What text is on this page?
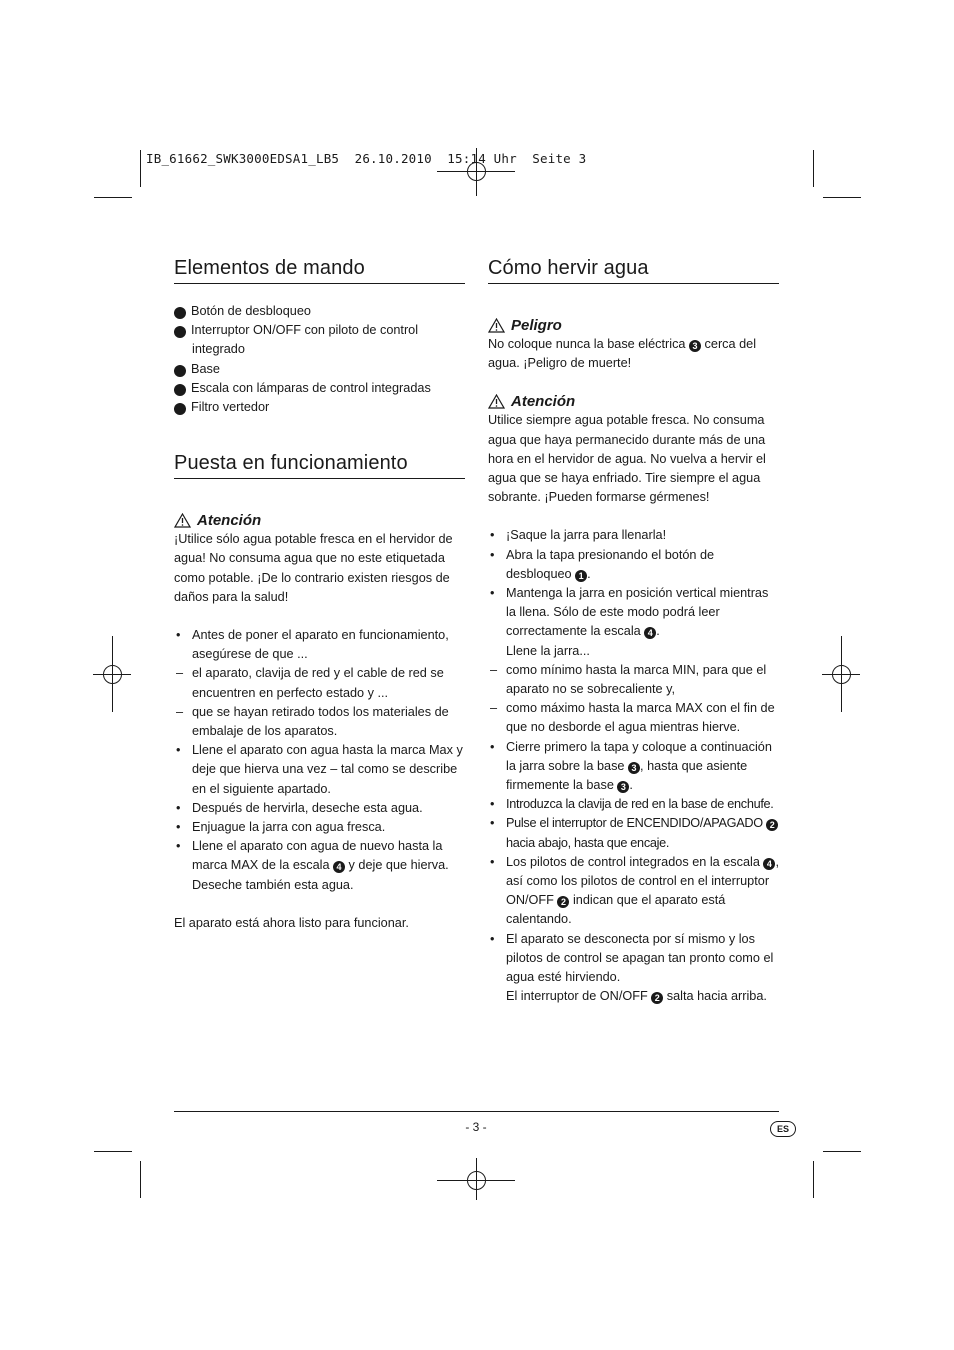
IB_61662_SWK3000EDSA1_LB5  26.10.2010  15:14 Uhr  Seite 3
Elementos de mando
1 Botón de desbloqueo
2 Interruptor ON/OFF con piloto de control integrado
3 Base
4 Escala con lámparas de control integradas
5 Filtro vertedor
Puesta en funcionamiento
Atención

¡Utilice sólo agua potable fresca en el hervidor de agua! No consuma agua que no este etiquetada como potable. ¡De lo contrario existen riesgos de daños para la salud!

• Antes de poner el aparato en funcionamiento, asegúrese de que ...
– el aparato, clavija de red y el cable de red se encuentren en perfecto estado y ...
– que se hayan retirado todos los materiales de embalaje de los aparatos.
• Llene el aparato con agua hasta la marca Max y deje que hierva una vez – tal como se describe en el siguiente apartado.
• Después de hervirla, deseche esta agua.
• Enjuague la jarra con agua fresca.
• Llene el aparato con agua de nuevo hasta la marca MAX de la escala 4 y deje que hierva. Deseche también esta agua.

El aparato está ahora listo para funcionar.

Cómo hervir agua
Peligro

No coloque nunca la base eléctrica 3 cerca del agua. ¡Peligro de muerte!

Atención

Utilice siempre agua potable fresca. No consuma agua que haya permanecido durante más de una hora en el hervidor de agua. No vuelva a hervir el agua que se haya enfriado. Tire siempre el agua sobrante. ¡Pueden formarse gérmenes!

• ¡Saque la jarra para llenarla!
• Abra la tapa presionando el botón de desbloqueo 1 .
• Mantenga la jarra en posición vertical mientras la llena. Sólo de este modo podrá leer correctamente la escala 4 .
Llene la jarra...
– como mínimo hasta la marca MIN, para que el aparato no se sobrecaliente y,
– como máximo hasta la marca MAX con el fin de que no desborde el agua mientras hierve.
• Cierre primero la tapa y coloque a continuación la jarra sobre la base 3 , hasta que asiente firmemente la base 3 .
• Introduzca la clavija de red en la base de enchufe.
• Pulse el interruptor de ENCENDIDO/APAGADO 2 hacia abajo, hasta que encaje.
• Los pilotos de control integrados en la escala 4 , así como los pilotos de control en el interruptor ON/OFF 2 indican que el aparato está calentando.
• El aparato se desconecta por sí mismo y los pilotos de control se apagan tan pronto como el agua esté hirviendo.
El interruptor de ON/OFF 2 salta hacia arriba.
- 3 -	ES
